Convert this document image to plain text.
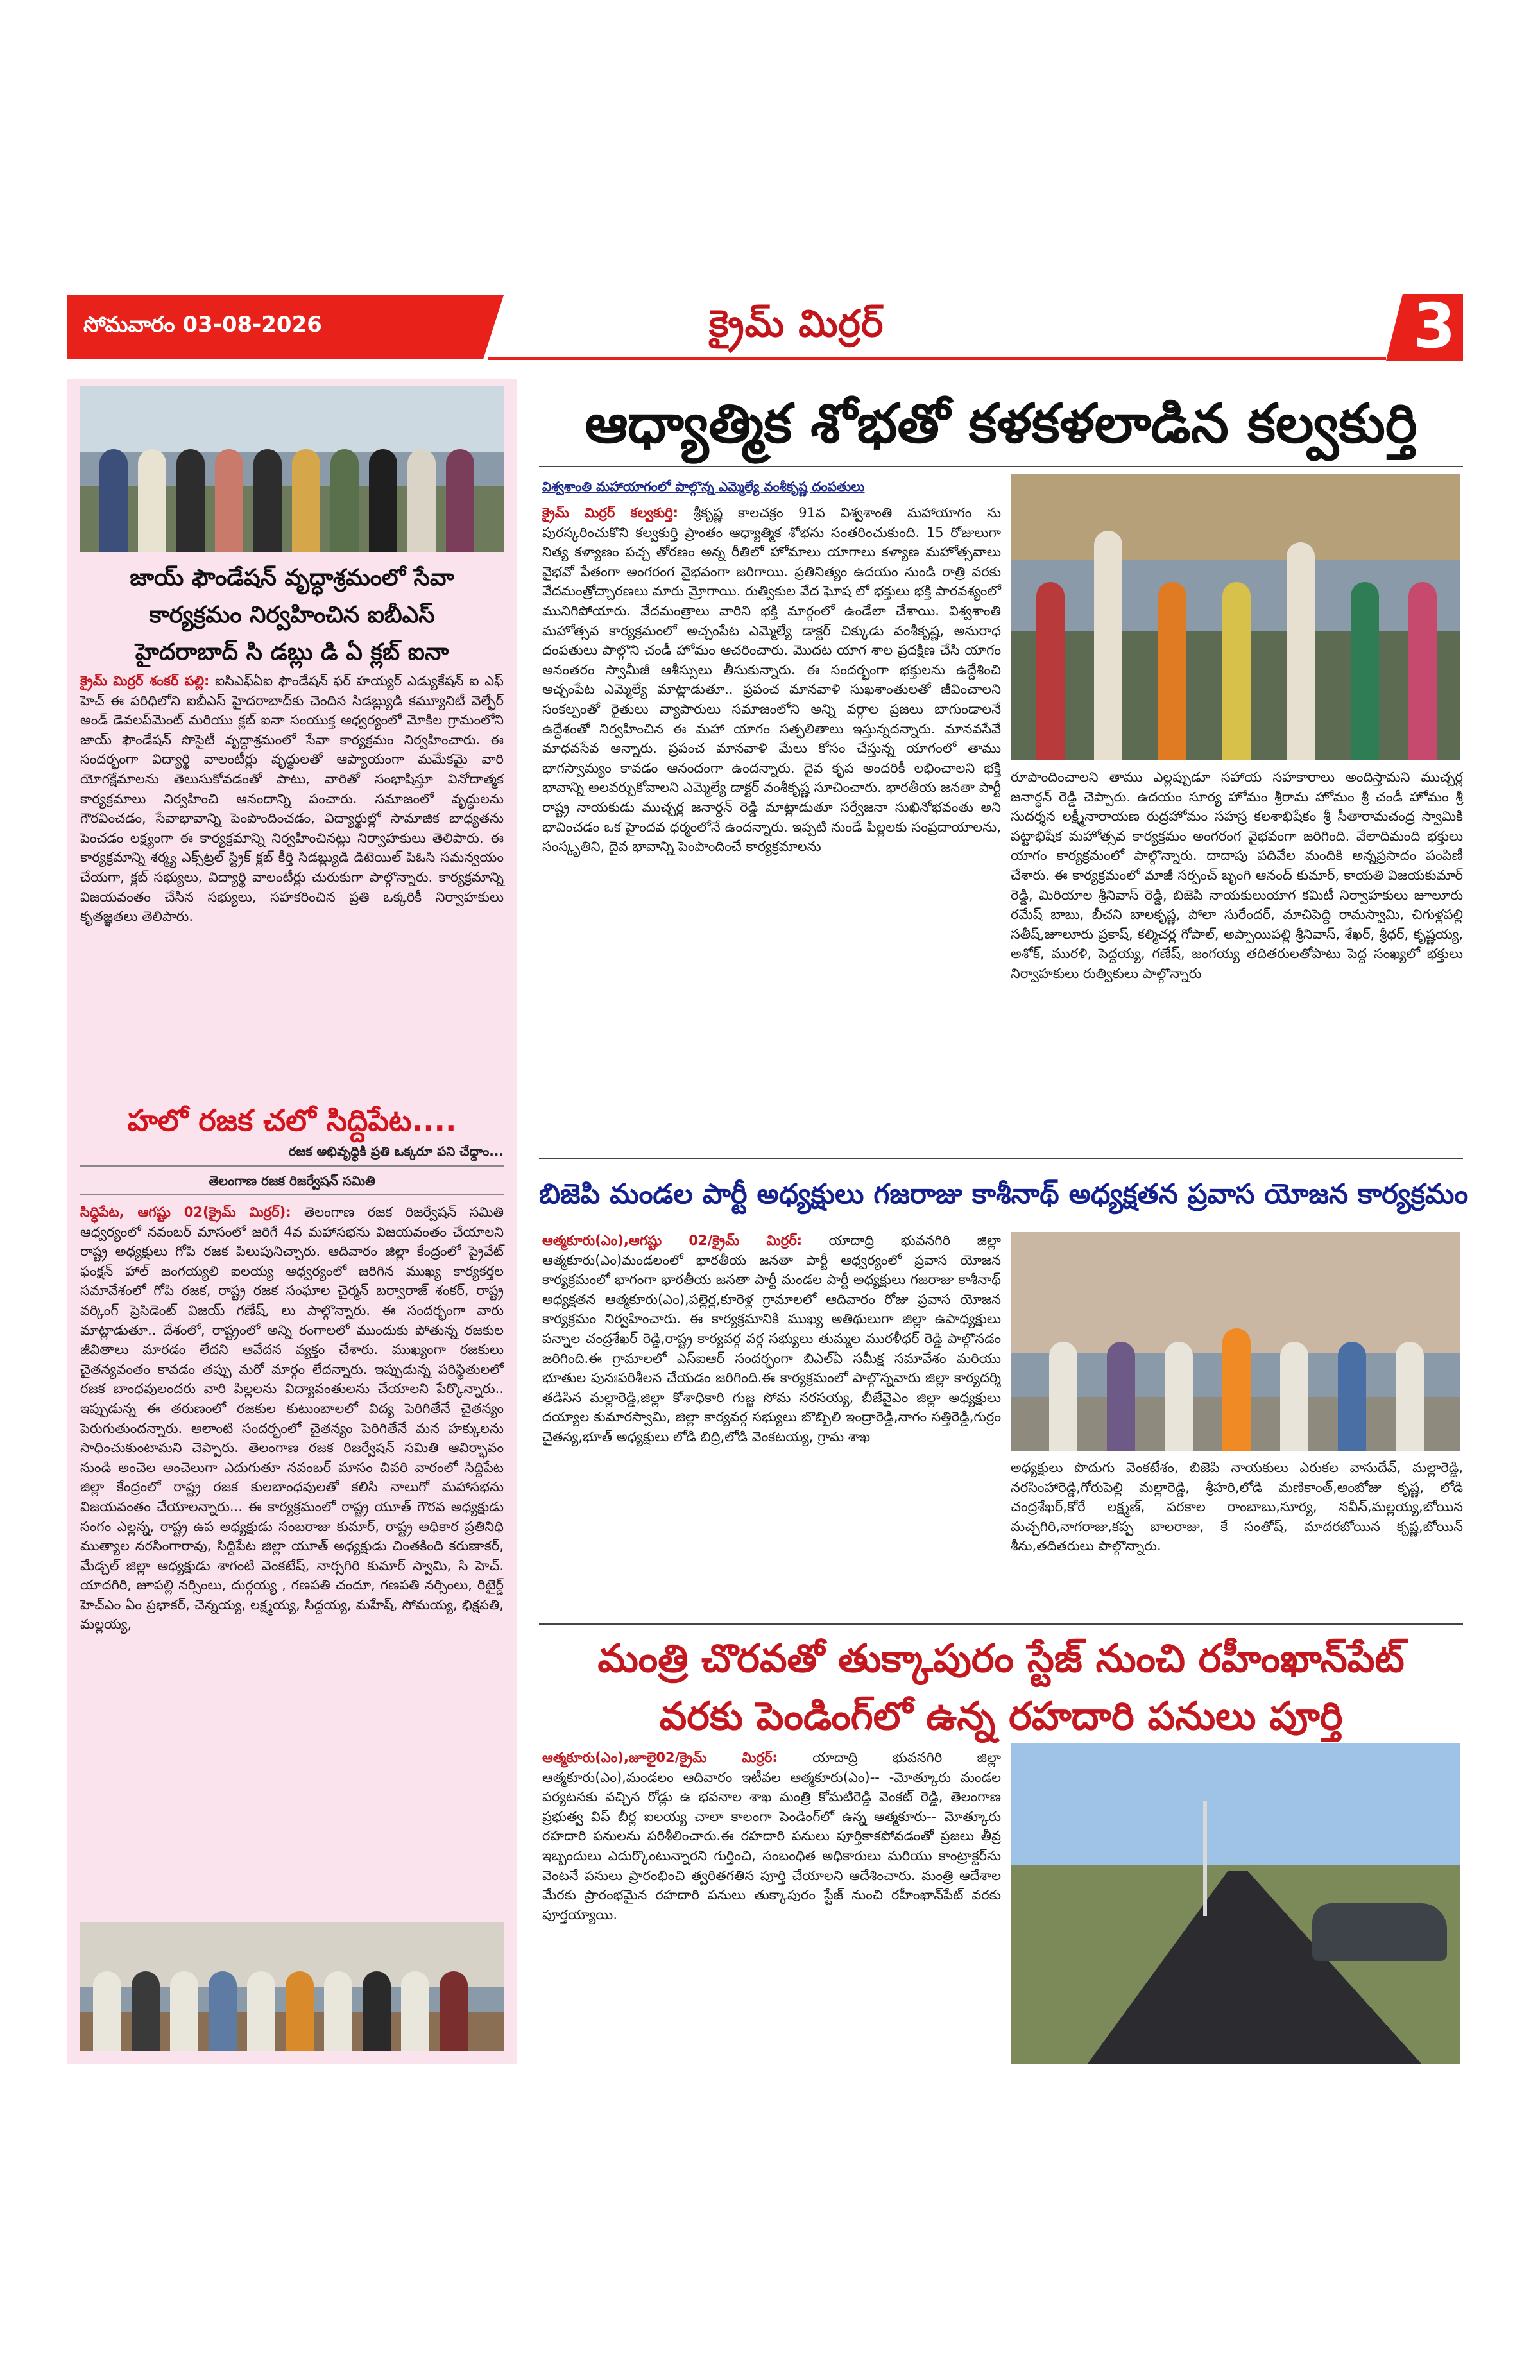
సోమవారం 03-08-2026	క్రైమ్ మిర్రర్	3
జాయ్ ఫౌండేషన్ వృద్ధాశ్రమంలో సేవా
కార్యక్రమం నిర్వహించిన ఐబీఎస్
హైదరాబాద్ సి డబ్లు డి ఏ క్లబ్ ఐనా
క్రైమ్ మిర్రర్ శంకర్ పల్లి: ఐసిఎఫ్ఏఐ ఫౌండేషన్ ఫర్ హయ్యర్ ఎడ్యుకేషన్ ఐ ఎఫ్ హెచ్ ఈ పరిధిలోని ఐబీఎస్ హైదరాబాద్‌కు చెందిన సిడబ్ల్యుడి కమ్యూనిటీ వెల్ఫేర్ అండ్ డెవలప్‌మెంట్ మరియు క్లబ్ ఐనా సంయుక్త ఆధ్వర్యంలో మోకిల గ్రామంలోని జాయ్ ఫౌండేషన్ సొసైటీ వృద్ధాశ్రమంలో సేవా కార్యక్రమం నిర్వహించారు. ఈ సందర్భంగా విద్యార్థి వాలంటీర్లు వృద్ధులతో ఆప్యాయంగా మమేకమై వారి యోగక్షేమాలను తెలుసుకోవడంతో పాటు, వారితో సంభాషిస్తూ వినోదాత్మక కార్యక్రమాలు నిర్వహించి ఆనందాన్ని పంచారు. సమాజంలో వృద్ధులను గౌరవించడం, సేవాభావాన్ని పెంపొందించడం, విద్యార్థుల్లో సామాజిక బాధ్యతను పెంచడం లక్ష్యంగా ఈ కార్యక్రమాన్ని నిర్వహించినట్లు నిర్వాహకులు తెలిపారు. ఈ కార్యక్రమాన్ని శర్మ్య ఎక్స్‌ట్రల్ స్ట్రిక్ క్లబ్ కీర్తి సిడబ్ల్యుడి డిటెయిల్ పిఓసి సమన్వయం చేయగా, క్లబ్ సభ్యులు, విద్యార్థి వాలంటీర్లు చురుకుగా పాల్గొన్నారు. కార్యక్రమాన్ని విజయవంతం చేసిన సభ్యులు, సహకరించిన ప్రతి ఒక్కరికీ నిర్వాహకులు కృతజ్ఞతలు తెలిపారు.
హలో రజక చలో సిద్దిపేట....
రజక అభివృద్ధికి ప్రతి ఒక్కరూ పని చేద్దాం...
తెలంగాణ రజక రిజర్వేషన్ సమితి
సిద్ధిపేట, ఆగష్టు 02(క్రైమ్ మిర్రర్): తెలంగాణ రజక రిజర్వేషన్ సమితి ఆధ్వర్యంలో నవంబర్ మాసంలో జరిగే 4వ మహాసభను విజయవంతం చేయాలని రాష్ట్ర అధ్యక్షులు గోపి రజక పిలుపునిచ్చారు. ఆదివారం జిల్లా కేంద్రంలో ప్రైవేట్ ఫంక్షన్ హాల్ జంగయ్యలి ఐలయ్య ఆధ్వర్యంలో జరిగిన ముఖ్య కార్యకర్తల సమావేశంలో గోపి రజక, రాష్ట్ర రజక సంఘాల చైర్మన్ బర్వారాజ్ శంకర్, రాష్ట్ర వర్కింగ్ ప్రెసిడెంట్ విజయ్ గణేష్, లు పాల్గొన్నారు. ఈ సందర్భంగా వారు మాట్లాడుతూ.. దేశంలో, రాష్ట్రంలో అన్ని రంగాలలో ముందుకు పోతున్న రజకుల జీవితాలు మారడం లేదని ఆవేదన వ్యక్తం చేశారు. ముఖ్యంగా రజకులు చైతన్యవంతం కావడం తప్పు మరో మార్గం లేదన్నారు. ఇప్పుడున్న పరిస్థితులలో రజక బాంధవులందరు వారి పిల్లలను విద్యావంతులను చేయాలని పేర్కొన్నారు.. ఇప్పుడున్న ఈ తరుణంలో రజకుల కుటుంబాలలో విద్య పెరిగితేనే చైతన్యం పెరుగుతుందన్నారు. అలాంటి సందర్భంలో చైతన్యం పెరిగితేనే మన హక్కులను సాధించుకుంటామని చెప్పారు. తెలంగాణ రజక రిజర్వేషన్ సమితి ఆవిర్భావం నుండి అంచెల అంచెలుగా ఎదుగుతూ నవంబర్ మాసం చివరి వారంలో సిద్దిపేట జిల్లా కేంద్రంలో రాష్ట్ర రజక కులబాంధవులతో కలిసి నాలుగో మహాసభను విజయవంతం చేయాలన్నారు... ఈ కార్యక్రమంలో రాష్ట్ర యూత్ గౌరవ అధ్యక్షుడు సంగం ఎల్లన్న, రాష్ట్ర ఉప అధ్యక్షుడు సంబరాజు కుమార్, రాష్ట్ర అధికార ప్రతినిధి ముత్యాల నరసింగారావు, సిద్దిపేట జిల్లా యూత్ అధ్యక్షుడు చింతకింది కరుణాకర్, మేడ్చల్ జిల్లా అధ్యక్షుడు శాగంటి వెంకటేష్, నార్సగిరి కుమార్ స్వామి, సి హెచ్. యాదగిరి, జూపల్లి నర్సింలు, దుర్గయ్య , గణపతి చందూ, గణపతి నర్సింలు, రిటైర్డ్ హెచ్ఎం ఏం ప్రభాకర్, చెన్నయ్య, లక్ష్మయ్య, సిద్దయ్య, మహేష్, సోమయ్య, భిక్షపతి, మల్లయ్య,
ఆధ్యాత్మిక శోభతో కళకళలాడిన కల్వకుర్తి
విశ్వశాంతి మహాయాగంలో పాల్గొన్న ఎమ్మెల్యే వంశీకృష్ణ దంపతులు
క్రైమ్ మిర్రర్ కల్వకుర్తి: శ్రీకృష్ణ కాలచక్రం 91వ విశ్వశాంతి మహాయాగం ను పురస్కరించుకొని కల్వకుర్తి ప్రాంతం ఆధ్యాత్మిక శోభను సంతరించుకుంది. 15 రోజులుగా నిత్య కళ్యాణం పచ్చ తోరణం అన్న రీతిలో హోమాలు యాగాలు కళ్యాణ మహోత్సవాలు వైభవో పేతంగా అంగరంగ వైభవంగా జరిగాయి. ప్రతినిత్యం ఉదయం నుండి రాత్రి వరకు వేదమంత్రోచ్చారణలు మారు మ్రోగాయి. రుత్వికుల వేద ఘోష లో భక్తులు భక్తి పారవశ్యంలో మునిగిపోయారు. వేదమంత్రాలు వారిని భక్తి మార్గంలో ఉండేలా చేశాయి. విశ్వశాంతి మహోత్సవ కార్యక్రమంలో అచ్చంపేట ఎమ్మెల్యే డాక్టర్ చిక్కుడు వంశీకృష్ణ, అనురాధ దంపతులు పాల్గొని చండీ హోమం ఆచరించారు. మొదట యాగ శాల ప్రదక్షిణ చేసి యాగం అనంతరం స్వామీజీ ఆశీస్సులు తీసుకున్నారు. ఈ సందర్భంగా భక్తులను ఉద్దేశించి అచ్చంపేట ఎమ్మెల్యే మాట్లాడుతూ.. ప్రపంచ మానవాళి సుఖశాంతులతో జీవించాలని సంకల్పంతో రైతులు వ్యాపారులు సమాజంలోని అన్ని వర్గాల ప్రజలు బాగుండాలనే ఉద్దేశంతో నిర్వహించిన ఈ మహా యాగం సత్ఫలితాలు ఇస్తున్నదన్నారు. మానవసేవే మాధవసేవ అన్నారు. ప్రపంచ మానవాళి మేలు కోసం చేస్తున్న యాగంలో తాము భాగస్వామ్యం కావడం ఆనందంగా ఉందన్నారు. దైవ కృప అందరికీ లభించాలని భక్తి భావాన్ని అలవర్చుకోవాలని ఎమ్మెల్యే డాక్టర్ వంశీకృష్ణ సూచించారు. భారతీయ జనతా పార్టీ రాష్ట్ర నాయకుడు ముచ్చర్ల జనార్ధన్ రెడ్డి మాట్లాడుతూ సర్వేజనా సుఖినోభవంతు అని భావించడం ఒక హైందవ ధర్మంలోనే ఉందన్నారు. ఇప్పటి నుండే పిల్లలకు సంప్రదాయాలను, సంస్కృతిని, దైవ భావాన్ని పెంపొందించే కార్యక్రమాలను
రూపొందించాలని తాము ఎల్లప్పుడూ సహాయ సహకారాలు అందిస్తామని ముచ్చర్ల జనార్ధన్ రెడ్డి చెప్పారు. ఉదయం సూర్య హోమం శ్రీరామ హోమం శ్రీ చండీ హోమం శ్రీ సుదర్శన లక్ష్మీనారాయణ రుద్రహోమం సహస్ర కలశాభిషేకం శ్రీ సీతారామచంద్ర స్వామికి పట్టాభిషేక మహోత్సవ కార్యక్రమం అంగరంగ వైభవంగా జరిగింది. వేలాదిమంది భక్తులు యాగం కార్యక్రమంలో పాల్గొన్నారు. దాదాపు పదివేల మందికి అన్నప్రసాదం పంపిణీ చేశారు. ఈ కార్యక్రమంలో మాజీ సర్పంచ్ బృంగి ఆనంద్ కుమార్, కాయతి విజయకుమార్ రెడ్డి, మిరియాల శ్రీనివాస్ రెడ్డి, బిజెపి నాయకులుయాగ కమిటీ నిర్వాహకులు జూలూరు రమేష్ బాబు, బీచని బాలకృష్ణ, పోలా సురేందర్, మాచిపెద్ది రామస్వామి, చిగుళ్లపల్లి సతీష్,జూలూరు ప్రకాష్, కల్మిచర్ల గోపాల్, అప్పాయిపల్లి శ్రీనివాస్, శేఖర్, శ్రీధర్, కృష్ణయ్య, అశోక్, మురళి, పెద్దయ్య, గణేష్, జంగయ్య తదితరులతోపాటు పెద్ద సంఖ్యలో భక్తులు నిర్వాహకులు రుత్వికులు పాల్గొన్నారు
బిజెపి మండల పార్టీ అధ్యక్షులు గజరాజు కాశీనాథ్ అధ్యక్షతన ప్రవాస యోజన కార్యక్రమం
ఆత్మకూరు(ఎం),ఆగష్టు 02/క్రైమ్ మిర్రర్: యాదాద్రి భువనగిరి జిల్లా ఆత్మకూరు(ఎం)మండలంలో భారతీయ జనతా పార్టీ ఆధ్వర్యంలో ప్రవాస యోజన కార్యక్రమంలో భాగంగా భారతీయ జనతా పార్టీ మండల పార్టీ అధ్యక్షులు గజరాజు కాశీనాథ్ అధ్యక్షతన ఆత్మకూరు(ఎం),పల్లెర్ల,కూరెళ్ల గ్రామాలలో ఆదివారం రోజు ప్రవాస యోజన కార్యక్రమం నిర్వహించారు. ఈ కార్యక్రమానికి ముఖ్య అతిథులుగా జిల్లా ఉపాధ్యక్షులు పన్నాల చంద్రశేఖర్ రెడ్డి,రాష్ట్ర కార్యవర్గ వర్గ సభ్యులు తుమ్మల మురళీధర్ రెడ్డి పాల్గొనడం జరిగింది.ఈ గ్రామాలలో ఎస్ఐఆర్ సందర్భంగా బిఎల్ఏ సమీక్ష సమావేశం మరియు భూతుల పునఃపరిశీలన చేయడం జరిగింది.ఈ కార్యక్రమంలో పాల్గొన్నవారు జిల్లా కార్యదర్శి తడిసిన మల్లారెడ్డి,జిల్లా కోశాధికారి గుజ్జ సోమ నరసయ్య, బీజేవైఎం జిల్లా అధ్యక్షులు దయ్యాల కుమారస్వామి, జిల్లా కార్యవర్గ సభ్యులు బొబ్బిలి ఇంద్రారెడ్డి,నాగం సత్తిరెడ్డి,గుర్రం చైతన్య,భూత్ అధ్యక్షులు లోడి బిద్రి,లోడి వెంకటయ్య, గ్రామ శాఖ
అధ్యక్షులు పొదుగు వెంకటేశం, బిజెపి నాయకులు ఎరుకల వాసుదేవ్, మల్లారెడ్డి, నరసింహారెడ్డి,గోరుపెల్లి మల్లారెడ్డి, శ్రీహరి,లోడి మణికాంత్,అంబోజు కృష్ణ, లోడి చంద్రశేఖర్,కోరే లక్ష్మణ్, పరకాల రాంబాబు,సూర్య, నవీన్,మల్లయ్య,బోయిన మచ్చగిరి,నాగరాజు,కప్ప బాలరాజు, కే సంతోష్, మాదరబోయిన కృష్ణ,బోయిన్ శీను,తదితరులు పాల్గొన్నారు.
మంత్రి చొరవతో తుక్కాపురం స్టేజ్ నుంచి రహీంఖాన్‌పేట్
వరకు పెండింగ్‌లో ఉన్న రహదారి పనులు పూర్తి
ఆత్మకూరు(ఎం),జూలై02/క్రైమ్ మిర్రర్:	యాదాద్రి భువనగిరి జిల్లా ఆత్మకూరు(ఎం),మండలం ఆదివారం ఇటీవల ఆత్మకూరు(ఎం)-- -మోత్కూరు మండల పర్యటనకు వచ్చిన రోడ్లు ఉ భవనాల శాఖ మంత్రి కోమటిరెడ్డి వెంకట్ రెడ్డి, తెలంగాణ ప్రభుత్వ విప్ బీర్ల ఐలయ్య చాలా కాలంగా పెండింగ్‌లో ఉన్న ఆత్మకూరు-- మోత్కూరు రహదారి పనులను పరిశీలించారు.ఈ రహదారి పనులు పూర్తికాకపోవడంతో ప్రజలు తీవ్ర ఇబ్బందులు ఎదుర్కొంటున్నారని గుర్తించి, సంబంధిత అధికారులు మరియు కాంట్రాక్టర్‌ను వెంటనే పనులు ప్రారంభించి త్వరితగతిన పూర్తి చేయాలని ఆదేశించారు. మంత్రి ఆదేశాల మేరకు ప్రారంభమైన రహదారి పనులు తుక్కాపురం స్టేజ్ నుంచి రహీంఖాన్‌పేట్ వరకు పూర్తయ్యాయి.
